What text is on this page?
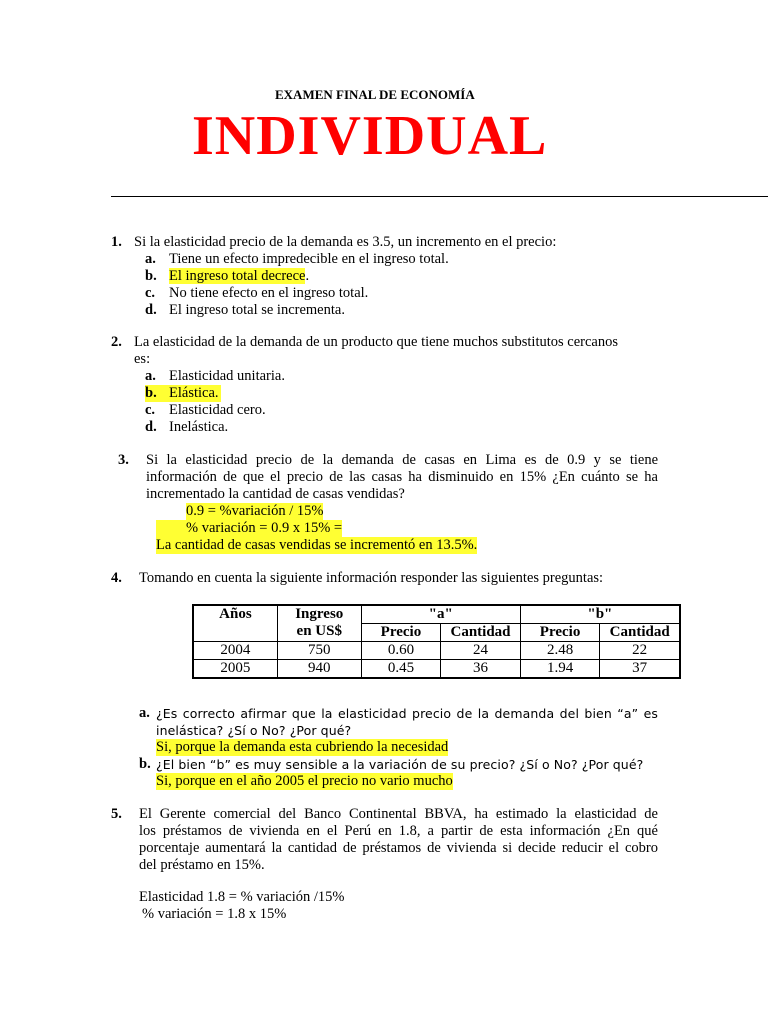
EXAMEN FINAL DE ECONOMÍA
INDIVIDUAL
1. Si la elasticidad precio de la demanda es 3.5, un incremento en el precio:
a. Tiene un efecto impredecible en el ingreso total.
b. El ingreso total decrece.
c. No tiene efecto en el ingreso total.
d. El ingreso total se incrementa.
2. La elasticidad de la demanda de un producto que tiene muchos substitutos cercanos
es:
a. Elasticidad unitaria.
b. Elástica.
c. Elasticidad cero.
d. Inelástica.
3. Si la elasticidad precio de la demanda de casas en Lima es de 0.9 y se tiene
información de que el precio de las casas ha disminuido en 15% ¿En cuánto se ha
incrementado la cantidad de casas vendidas?
0.9 = %variación / 15%
% variación = 0.9 x 15% =
La cantidad de casas vendidas se incrementó en 13.5%.
4. Tomando en cuenta la siguiente información responder las siguientes preguntas:
Años	Ingreso
en US$	"a"		"b"	
		Precio	Cantidad	Precio	Cantidad
2004	750	0.60	24	2.48	22
2005	940	0.45	36	1.94	37
a. ¿Es correcto afirmar que la elasticidad precio de la demanda del bien “a” es
inelástica? ¿Sí o No? ¿Por qué?
Si, porque la demanda esta cubriendo la necesidad
b. ¿El bien “b” es muy sensible a la variación de su precio? ¿Sí o No? ¿Por qué?
Si, porque en el año 2005 el precio no vario mucho
5. El Gerente comercial del Banco Continental BBVA, ha estimado la elasticidad de
los préstamos de vivienda en el Perú en 1.8, a partir de esta información ¿En qué
porcentaje aumentará la cantidad de préstamos de vivienda si decide reducir el cobro
del préstamo en 15%.
Elasticidad 1.8 = % variación /15%
% variación = 1.8 x 15%
